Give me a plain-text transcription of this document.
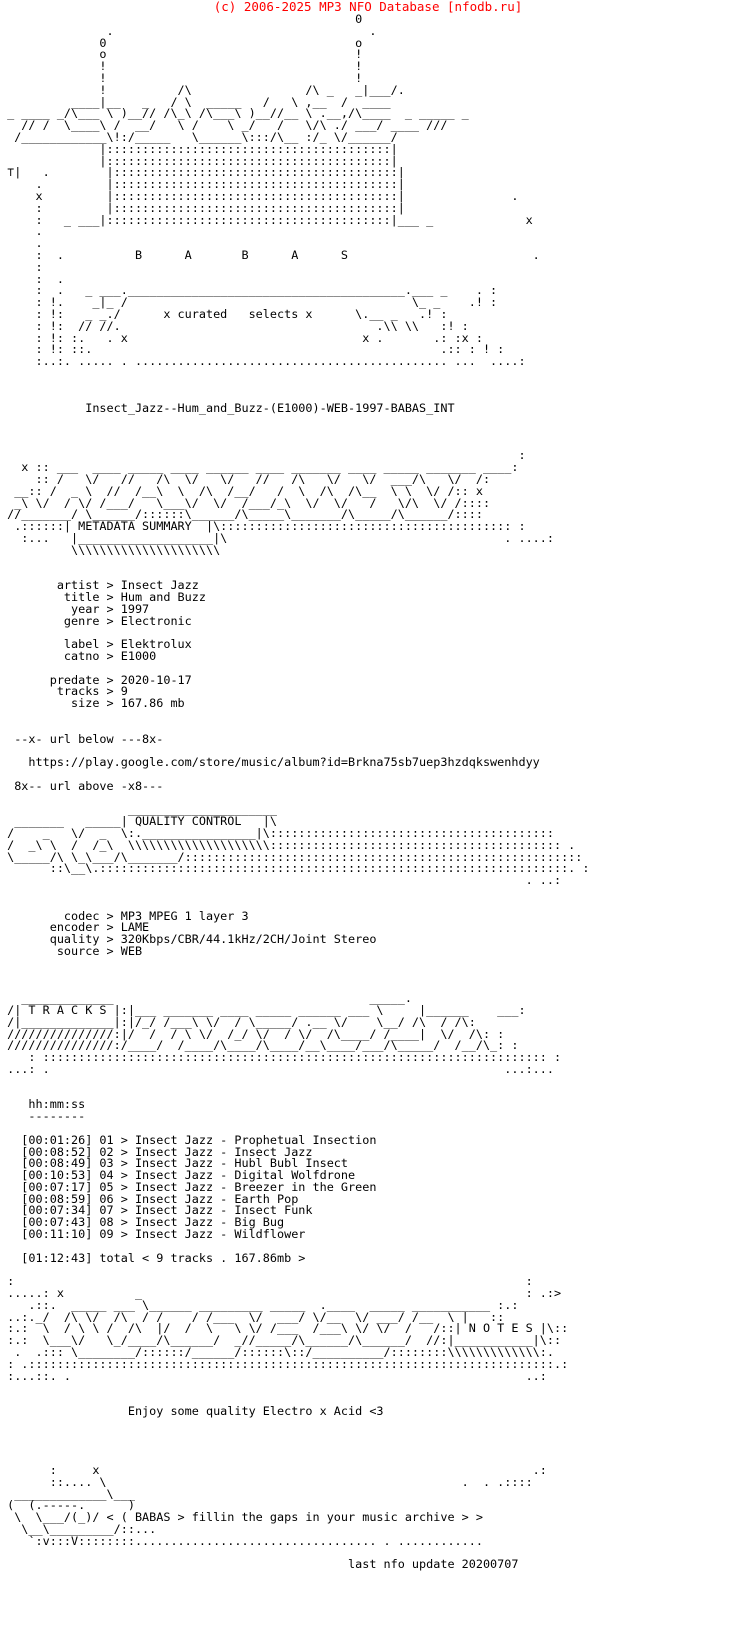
(c) 2006-2025 MP3 NFO Database [nfodb.ru]
0
.                                    .
0                                   o
o                                   !
!                                   !
!                                   !
!          /\                /\ _   _|___/.
____|__   _   / \  _____   /   \ ,__  /  ____
_ ____ _/\___ \ )__// /\_\ /\___\ )__//__ \ .__,/\____  _ _____ _
// /  \____\ /  __/   \ /    \ _/   /   \/\ ./ ___/ ____ ///
/____________\!:/_____   \______\:::/\__ :/_ \/______/
|::::::::::::::::::::::::::::::::::::::::|
|::::::::::::::::::::::::::::::::::::::::|
⊤|   .        |::::::::::::::::::::::::::::::::::::::::|
.         |::::::::::::::::::::::::::::::::::::::::|
x         |::::::::::::::::::::::::::::::::::::::::|               .
:         |::::::::::::::::::::::::::::::::::::::::|
:   _ ___|::::::::::::::::::::::::::::::::::::::::|___ _             x
.
.
:  .          B      A       B      A      S                          .
:
:  .
:  .   _ ___._______________________________________.___ _    . :
: !.    _|_ /                                        \_ _    .! :
: !:   _ _./      x curated   selects x      \.__ _   .! :
: !:  // //.                                    .\\ \\   :! :
: !: :.   . x                                 x .       .: :x :
: !: ::.                                                 .:: : ! :
:..:. ..... . ............................................ ...  ....:

Insect_Jazz--Hum_and_Buzz-(E1000)-WEB-1997-BABAS_INT

:
x :: ___  ____ _____ ____ ______ ____ _______ ____ _____ _______ ____:
:: /   \/   //   /\  \/   \/   //   /\   \/   \/  ___/\   \/  /:
__:: /  _ \  //  /__\  \  /\  /__/   /  \  /\  /\__  \ \  \/ /:: x
_\ \/  / \/ /___/   \___\/  \/  /___/_\  \/  \/   /   \/\  \/ /::::
//_______/ \______/::::::\______/\_____\_______/\_____/\______/::::
.::::::| METADATA SUMMARY  |\::::::::::::::::::::::::::::::::::::::::: :
:...   |___________________|\                                       . ....:
\\\\\\\\\\\\\\\\\\\\\

artist > Insect Jazz
title > Hum and Buzz
year > 1997
genre > Electronic

label > Elektrolux
catno > E1000

predate > 2020-10-17
tracks > 9
size > 167.86 mb

--x- url below ---8x-

https://play.google.com/store/music/album?id=Brkna75sb7uep3hzdqkswenhdyy

8x-- url above -x8---

_____________________
_______   _____| QUALITY CONTROL   |\
/    _   \/  _  \:.________________|\::::::::::::::::::::::::::::::::::::::::
/  _\ \  /  /_\  \\\\\\\\\\\\\\\\\\\\::::::::::::::::::::::::::::::::::::::::: .
\_____/\ \_\___/\_______/::::::::::::::::::::::::::::::::::::::::::::::::::::::::
::\__\.::::::::::::::::::::::::::::::::::::::::::::::::::::::::::::::::::. :
. ..:

codec > MP3 MPEG 1 layer 3
encoder > LAME
quality > 320Kbps/CBR/44.1kHz/2CH/Joint Stereo
source > WEB

_____________                                    _____.
/| T R A C K S |:|___ _______ ____ _____ ______ ___ \     |______    ___:
/|_____________|:|/_/ /___\ \/  / \_____/ .__ \/    \__/ /\  / /\:
///////////////:|/  /  / \ \/  /_/ \/  / \/  /\____/ /____|  \/  /\: :
///////////////:/____/  /____/\____/\____/__\____/___/\_____/  /__/\_: :
: ::::::::::::::::::::::::::::::::::::::::::::::::::::::::::::::::::::::: :
...: .                                                                ...:...

hh:mm:ss
--------

[00:01:26] 01 > Insect Jazz - Prophetual Insection
[00:08:52] 02 > Insect Jazz - Insect Jazz
[00:08:49] 03 > Insect Jazz - Hubl Bubl Insect
[00:10:53] 04 > Insect Jazz - Digital Wolfdrone
[00:07:17] 05 > Insect Jazz - Breezer in the Green
[00:08:59] 06 > Insect Jazz - Earth Pop
[00:07:34] 07 > Insect Jazz - Insect Funk
[00:07:43] 08 > Insect Jazz - Big Bug
[00:11:10] 09 > Insect Jazz - Wildflower

[01:12:43] total < 9 tracks . 167.86mb >

:                                                                        :
.....: x          _                                                      : .:>
.::.  _____ ___ \______ _________ _____  .____  _____ ___________ :.:
..:._/  /\ \/  /\  / /    / /___  \/  ___/ \/__  \/ ___/ /__  \ |   ::
:.:  \  / \ \ /  /\  |/  /  \   \ \/ /___  /___\ \/ \/  /   /::| N O T E S |\::
:.:  \___\/   \_/____/\______/  _//_____/\______/\______/  //:|___________|\::
.  .::: \________/::::::/______/::::::\::/__________/::::::::\\\\\\\\\\\\\:.
: .::::::::::::::::::::::::::::::::::::::::::::::::::::::::::::::::::::::::::.:
:...::. .                                                                ..:

Enjoy some quality Electro x Acid <3

:     x                                                             .:
::.... \                                                  .  . .::::
_____________\___
(  (.-----.      )
\  \___/(_)/ < ( BABAS > fillin the gaps in your music archive > >
\__\_________/::...
`:v:::V::::::::.................................. . ............

last nfo update 20200707
